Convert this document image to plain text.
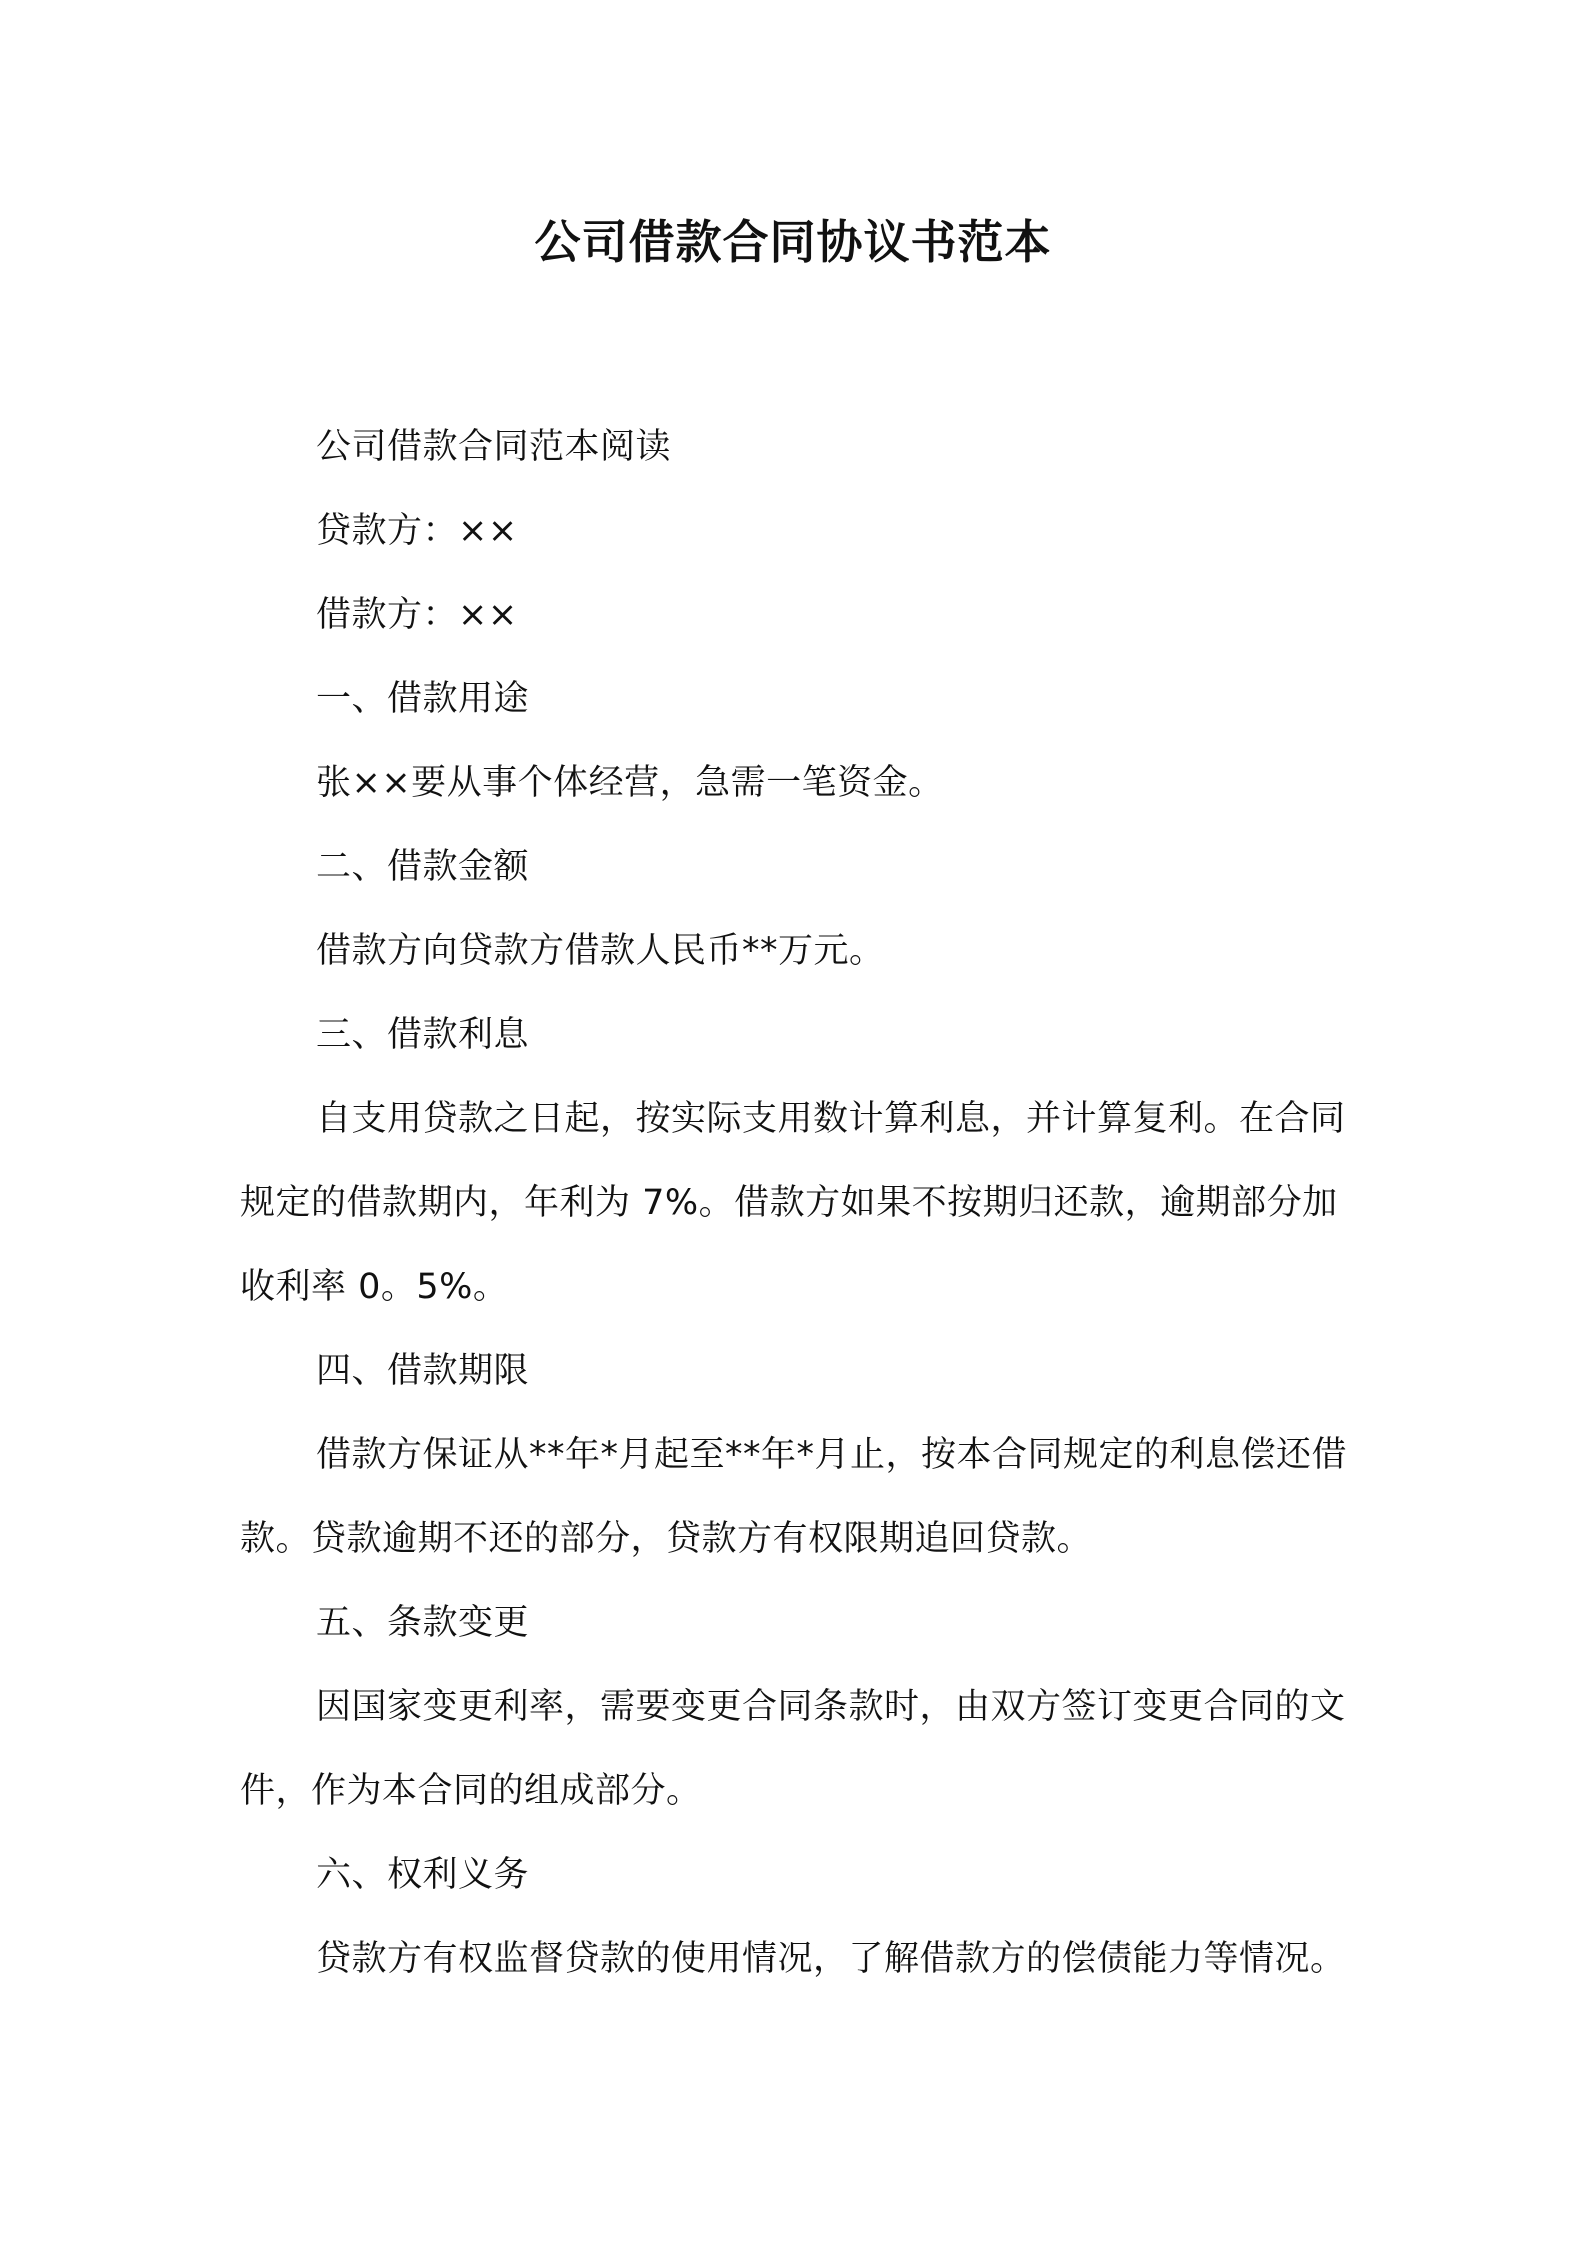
公司借款合同协议书范本

公司借款合同范本阅读

贷款方：××

借款方：××

一、借款用途

张××要从事个体经营，急需一笔资金。

二、借款金额

借款方向贷款方借款人民币**万元。

三、借款利息

自支用贷款之日起，按实际支用数计算利息，并计算复利。在合同规定的借款期内，年利为 7%。借款方如果不按期归还款，逾期部分加收利率 0。5%。

四、借款期限

借款方保证从**年*月起至**年*月止，按本合同规定的利息偿还借款。贷款逾期不还的部分，贷款方有权限期追回贷款。

五、条款变更

因国家变更利率，需要变更合同条款时，由双方签订变更合同的文件，作为本合同的组成部分。

六、权利义务

贷款方有权监督贷款的使用情况，了解借款方的偿债能力等情况。
